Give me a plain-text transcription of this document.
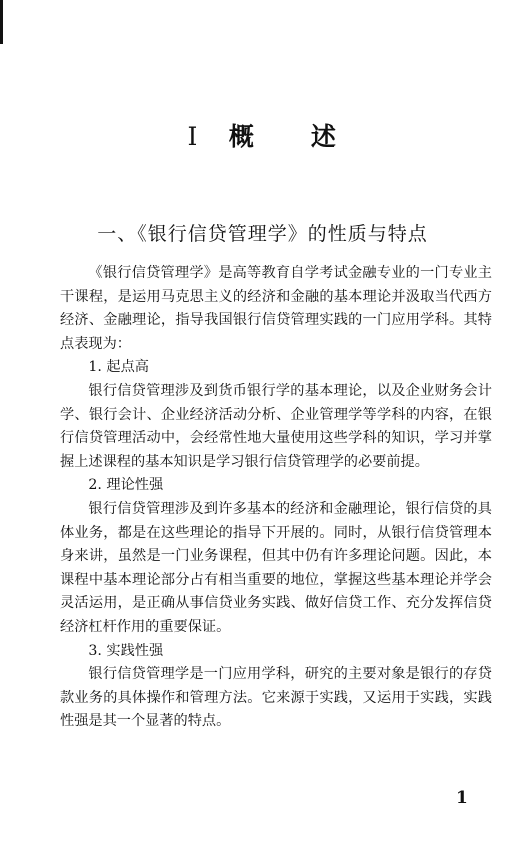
Ⅰ 概 述
一、《银行信贷管理学》的性质与特点

《银行信贷管理学》是高等教育自学考试金融专业的一门专业主干课程，是运用马克思主义的经济和金融的基本理论并汲取当代西方经济、金融理论，指导我国银行信贷管理实践的一门应用学科。其特点表现为：

1. 起点高

银行信贷管理涉及到货币银行学的基本理论，以及企业财务会计学、银行会计、企业经济活动分析、企业管理学等学科的内容，在银行信贷管理活动中，会经常性地大量使用这些学科的知识，学习并掌握上述课程的基本知识是学习银行信贷管理学的必要前提。

2. 理论性强

银行信贷管理涉及到许多基本的经济和金融理论，银行信贷的具体业务，都是在这些理论的指导下开展的。同时，从银行信贷管理本身来讲，虽然是一门业务课程，但其中仍有许多理论问题。因此，本课程中基本理论部分占有相当重要的地位，掌握这些基本理论并学会灵活运用，是正确从事信贷业务实践、做好信贷工作、充分发挥信贷经济杠杆作用的重要保证。

3. 实践性强

银行信贷管理学是一门应用学科，研究的主要对象是银行的存贷款业务的具体操作和管理方法。它来源于实践，又运用于实践，实践性强是其一个显著的特点。

1
